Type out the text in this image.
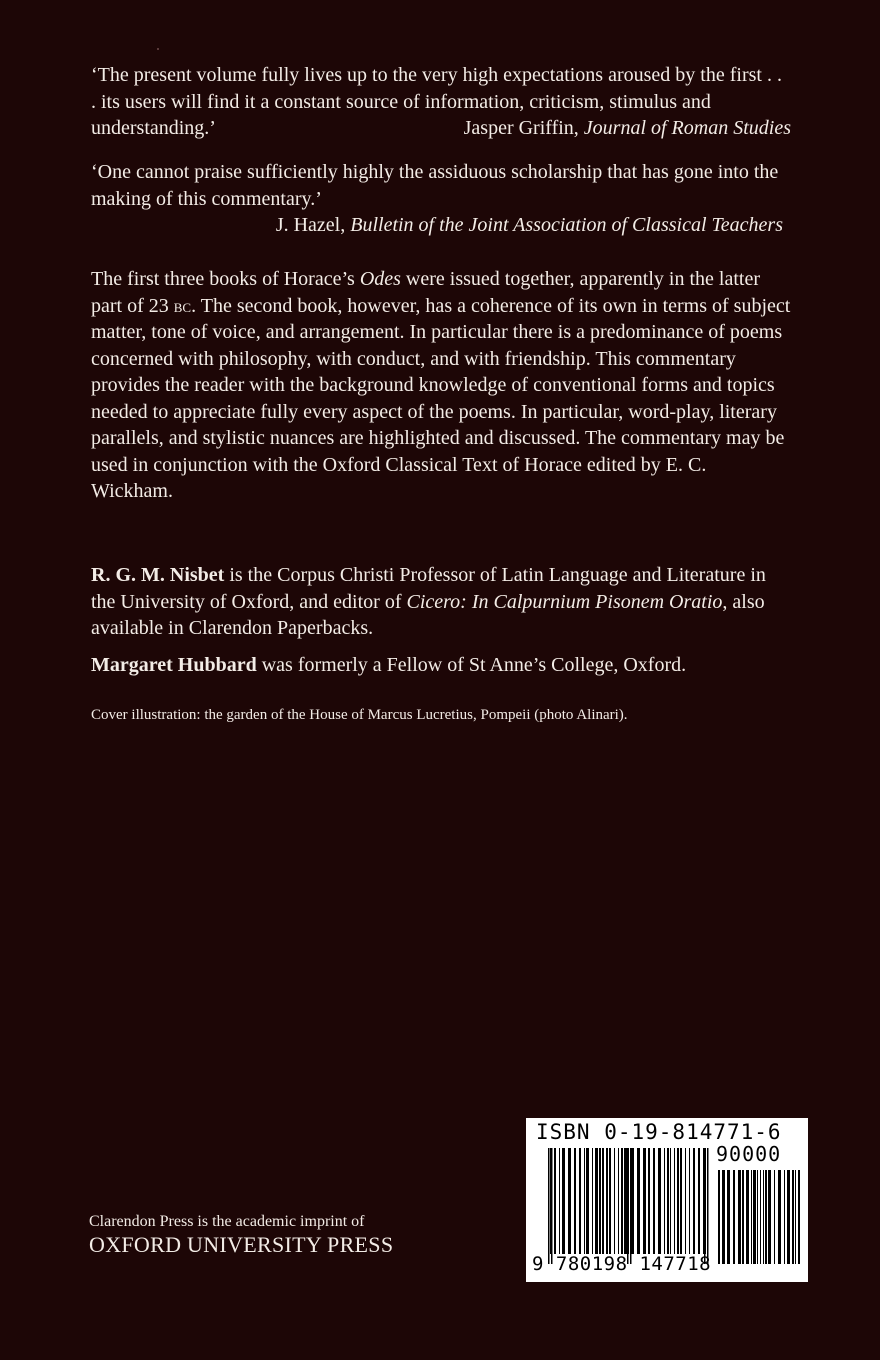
‘The present volume fully lives up to the very high expectations aroused by the first . . . its users will find it a constant source of information, criticism, stimulus and understanding.’	Jasper Griffin, Journal of Roman Studies
‘One cannot praise sufficiently highly the assiduous scholarship that has gone into the making of this commentary.’
J. Hazel, Bulletin of the Joint Association of Classical Teachers

The first three books of Horace’s Odes were issued together, apparently in the latter part of 23 bc. The second book, however, has a coherence of its own in terms of subject matter, tone of voice, and arrangement. In particular there is a predominance of poems concerned with philosophy, with conduct, and with friendship. This commentary provides the reader with the background knowledge of conventional forms and topics needed to appreciate fully every aspect of the poems. In particular, word-play, literary parallels, and stylistic nuances are highlighted and discussed. The commentary may be used in conjunction with the Oxford Classical Text of Horace edited by E. C. Wickham.

R. G. M. Nisbet is the Corpus Christi Professor of Latin Language and Literature in the University of Oxford, and editor of Cicero: In Calpurnium Pisonem Oratio, also available in Clarendon Paperbacks.

Margaret Hubbard was formerly a Fellow of St Anne’s College, Oxford.

Cover illustration: the garden of the House of Marcus Lucretius, Pompeii (photo Alinari).

Clarendon Press is the academic imprint of
OXFORD UNIVERSITY PRESS
ISBN 0-19-814771-6
90000
9 780198 147718
